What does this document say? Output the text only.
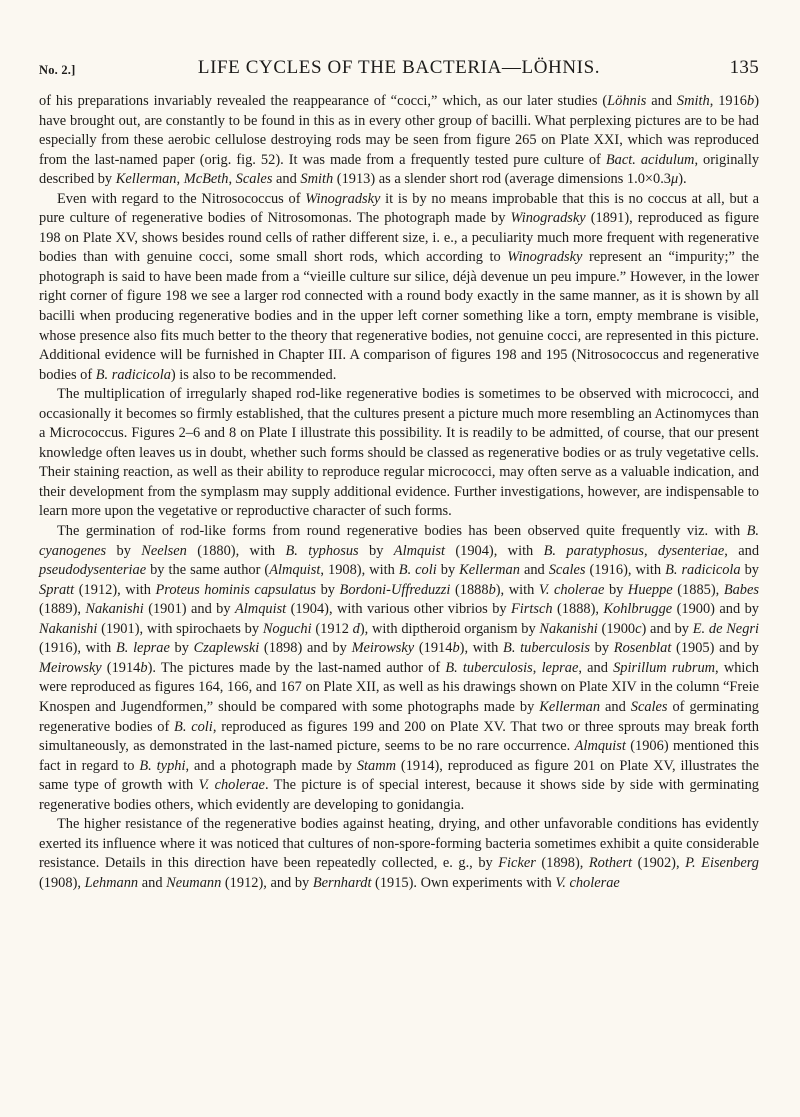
No. 2.]	LIFE CYCLES OF THE BACTERIA—LÖHNIS.	135

of his preparations invariably revealed the reappearance of “cocci,” which, as our later studies (Löhnis and Smith, 1916b) have brought out, are constantly to be found in this as in every other group of bacilli. What perplexing pictures are to be had especially from these aerobic cellulose destroying rods may be seen from figure 265 on Plate XXI, which was reproduced from the last-named paper (orig. fig. 52). It was made from a frequently tested pure culture of Bact. acidulum, originally described by Kellerman, McBeth, Scales and Smith (1913) as a slender short rod (average dimensions 1.0×0.3μ).

Even with regard to the Nitrosococcus of Winogradsky it is by no means improbable that this is no coccus at all, but a pure culture of regenerative bodies of Nitrosomonas. The photograph made by Winogradsky (1891), reproduced as figure 198 on Plate XV, shows besides round cells of rather different size, i. e., a peculiarity much more frequent with regenerative bodies than with genuine cocci, some small short rods, which according to Winogradsky represent an “impurity;” the photograph is said to have been made from a “vieille culture sur silice, déjà devenue un peu impure.” However, in the lower right corner of figure 198 we see a larger rod connected with a round body exactly in the same manner, as it is shown by all bacilli when producing regenerative bodies and in the upper left corner something like a torn, empty membrane is visible, whose presence also fits much better to the theory that regenerative bodies, not genuine cocci, are represented in this picture. Additional evidence will be furnished in Chapter III. A comparison of figures 198 and 195 (Nitrosococcus and regenerative bodies of B. radicicola) is also to be recommended.

The multiplication of irregularly shaped rod-like regenerative bodies is sometimes to be observed with micrococci, and occasionally it becomes so firmly established, that the cultures present a picture much more resembling an Actinomyces than a Micrococcus. Figures 2–6 and 8 on Plate I illustrate this possibility. It is readily to be admitted, of course, that our present knowledge often leaves us in doubt, whether such forms should be classed as regenerative bodies or as truly vegetative cells. Their staining reaction, as well as their ability to reproduce regular micrococci, may often serve as a valuable indication, and their development from the symplasm may supply additional evidence. Further investigations, however, are indispensable to learn more upon the vegetative or reproductive character of such forms.

The germination of rod-like forms from round regenerative bodies has been observed quite frequently viz. with B. cyanogenes by Neelsen (1880), with B. typhosus by Almquist (1904), with B. paratyphosus, dysenteriae, and pseudodysenteriae by the same author (Almquist, 1908), with B. coli by Kellerman and Scales (1916), with B. radicicola by Spratt (1912), with Proteus hominis capsulatus by Bordoni-Uffreduzzi (1888b), with V. cholerae by Hueppe (1885), Babes (1889), Nakanishi (1901) and by Almquist (1904), with various other vibrios by Firtsch (1888), Kohlbrugge (1900) and by Nakanishi (1901), with spirochaets by Noguchi (1912 d), with diptheroid organism by Nakanishi (1900c) and by E. de Negri (1916), with B. leprae by Czaplewski (1898) and by Meirowsky (1914b), with B. tuberculosis by Rosenblat (1905) and by Meirowsky (1914b). The pictures made by the last-named author of B. tuberculosis, leprae, and Spirillum rubrum, which were reproduced as figures 164, 166, and 167 on Plate XII, as well as his drawings shown on Plate XIV in the column “Freie Knospen and Jugendformen,” should be compared with some photographs made by Kellerman and Scales of germinating regenerative bodies of B. coli, reproduced as figures 199 and 200 on Plate XV. That two or three sprouts may break forth simultaneously, as demonstrated in the last-named picture, seems to be no rare occurrence. Almquist (1906) mentioned this fact in regard to B. typhi, and a photograph made by Stamm (1914), reproduced as figure 201 on Plate XV, illustrates the same type of growth with V. cholerae. The picture is of special interest, because it shows side by side with germinating regenerative bodies others, which evidently are developing to gonidangia.

The higher resistance of the regenerative bodies against heating, drying, and other unfavorable conditions has evidently exerted its influence where it was noticed that cultures of non-spore-forming bacteria sometimes exhibit a quite considerable resistance. Details in this direction have been repeatedly collected, e. g., by Ficker (1898), Rothert (1902), P. Eisenberg (1908), Lehmann and Neumann (1912), and by Bernhardt (1915). Own experiments with V. cholerae
